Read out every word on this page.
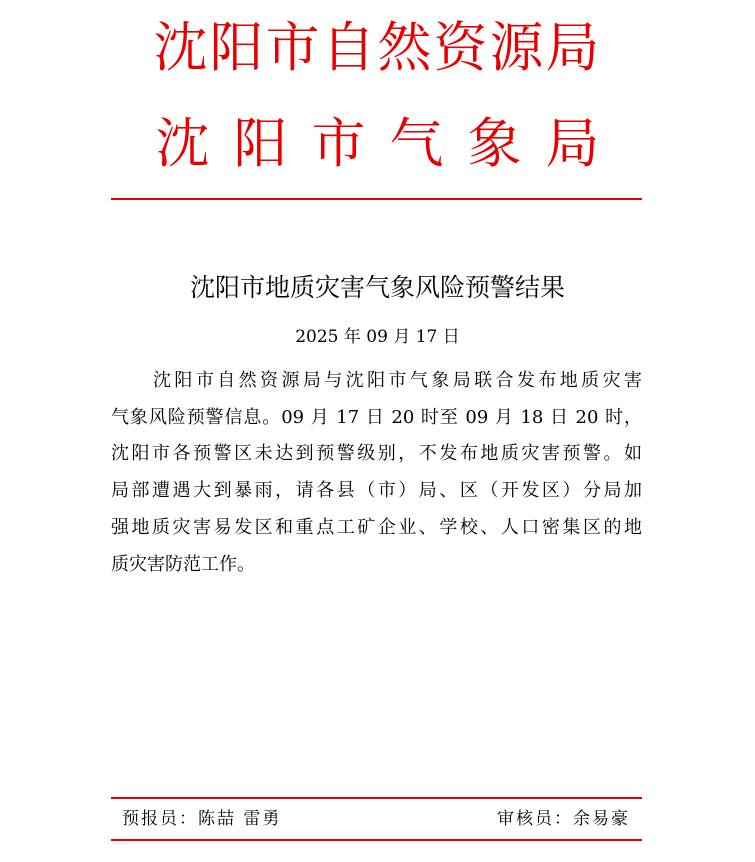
沈阳市自然资源局
沈阳市气象局
沈阳市地质灾害气象风险预警结果
2025 年 09 月 17 日
沈阳市自然资源局与沈阳市气象局联合发布地质灾害
气象风险预警信息。09 月 17 日 20 时至 09 月 18 日 20 时，
沈阳市各预警区未达到预警级别，不发布地质灾害预警。如
局部遭遇大到暴雨，请各县（市）局、区（开发区）分局加
强地质灾害易发区和重点工矿企业、学校、人口密集区的地
质灾害防范工作。
预报员：陈喆 雷勇	审核员：余易豪
